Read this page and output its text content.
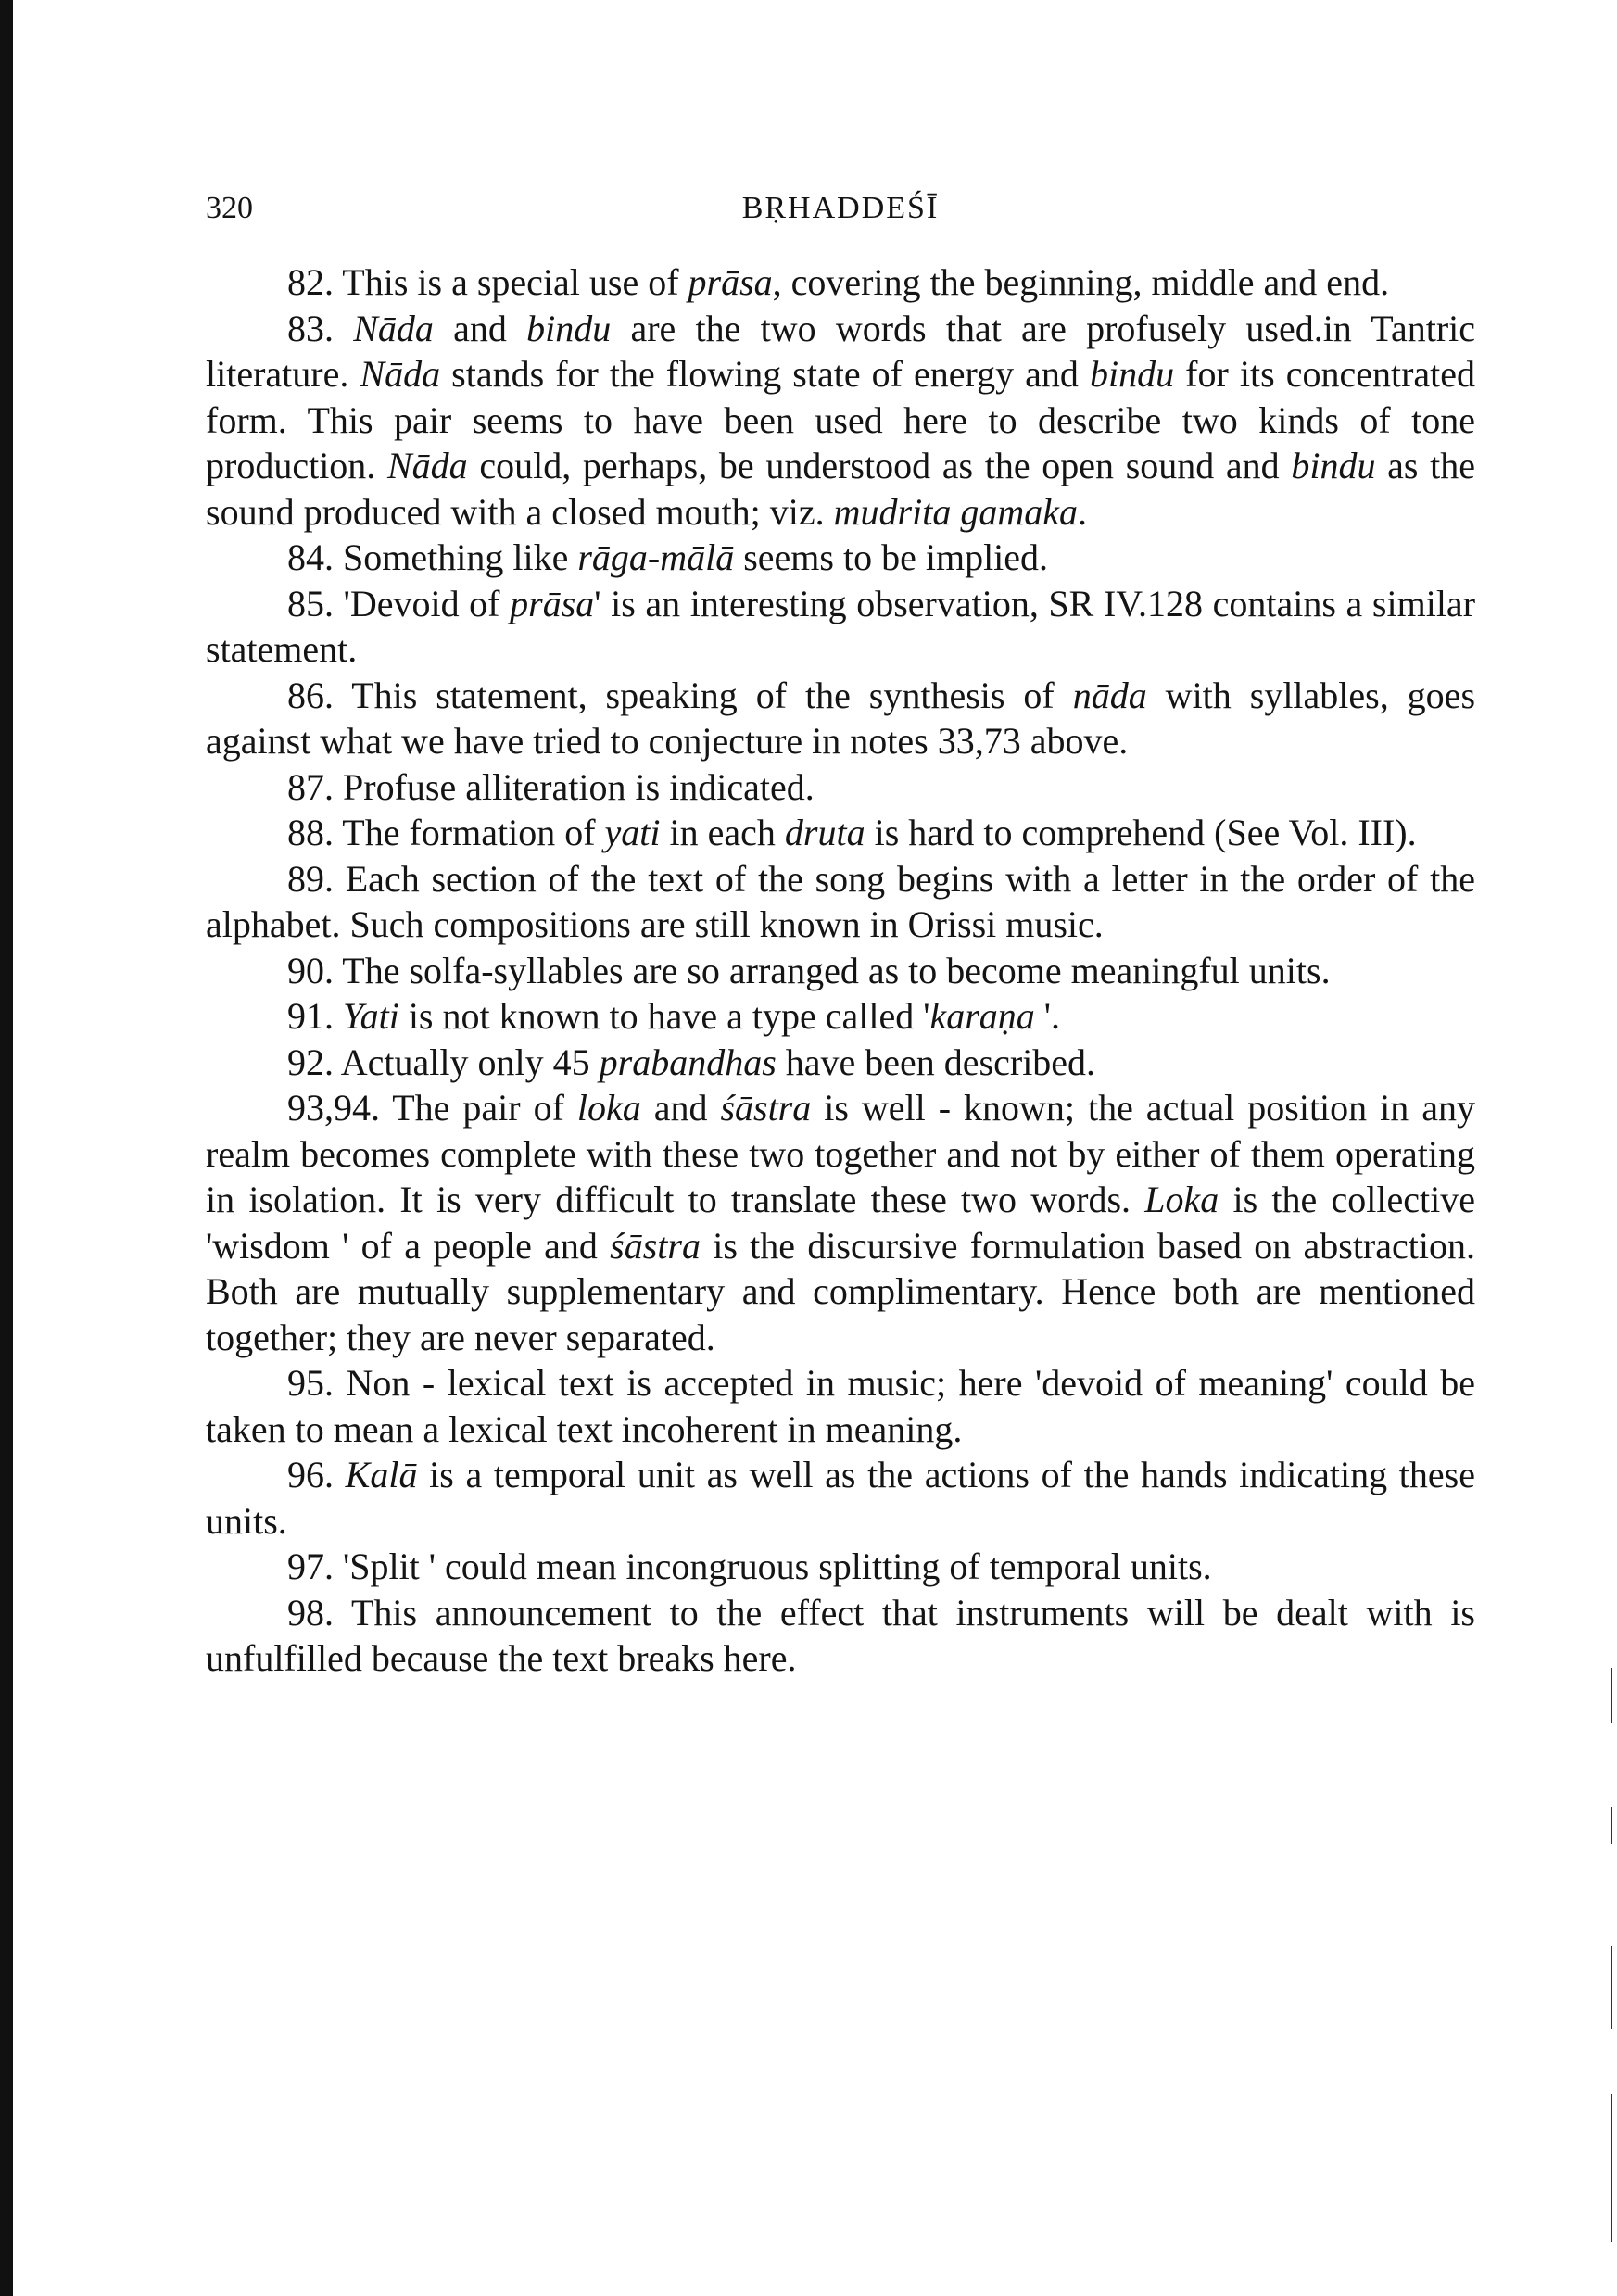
320	BṚHADDEŚĪ

82. This is a special use of prāsa, covering the beginning, middle and end.

83. Nāda and bindu are the two words that are profusely used.in Tantric literature. Nāda stands for the flowing state of energy and bindu for its concentrated form. This pair seems to have been used here to describe two kinds of tone production. Nāda could, perhaps, be understood as the open sound and bindu as the sound produced with a closed mouth; viz. mudrita gamaka.

84. Something like rāga-mālā seems to be implied.

85. 'Devoid of prāsa' is an interesting observation, SR IV.128 contains a similar statement.

86. This statement, speaking of the synthesis of nāda with syllables, goes against what we have tried to conjecture in notes 33,73 above.

87. Profuse alliteration is indicated.

88. The formation of yati in each druta is hard to comprehend (See Vol. III).

89. Each section of the text of the song begins with a letter in the order of the alphabet. Such compositions are still known in Orissi music.

90. The solfa-syllables are so arranged as to become meaningful units.

91. Yati is not known to have a type called 'karaṇa '.

92. Actually only 45 prabandhas have been described.

93,94. The pair of loka and śāstra is well - known; the actual position in any realm becomes complete with these two together and not by either of them operating in isolation. It is very difficult to translate these two words. Loka is the collective 'wisdom ' of a people and śāstra is the discursive formulation based on abstraction. Both are mutually supplementary and complimentary. Hence both are mentioned together; they are never separated.

95. Non - lexical text is accepted in music; here 'devoid of meaning' could be taken to mean a lexical text incoherent in meaning.

96. Kalā is a temporal unit as well as the actions of the hands indicating these units.

97. 'Split ' could mean incongruous splitting of temporal units.

98. This announcement to the effect that instruments will be dealt with is unfulfilled because the text breaks here.
